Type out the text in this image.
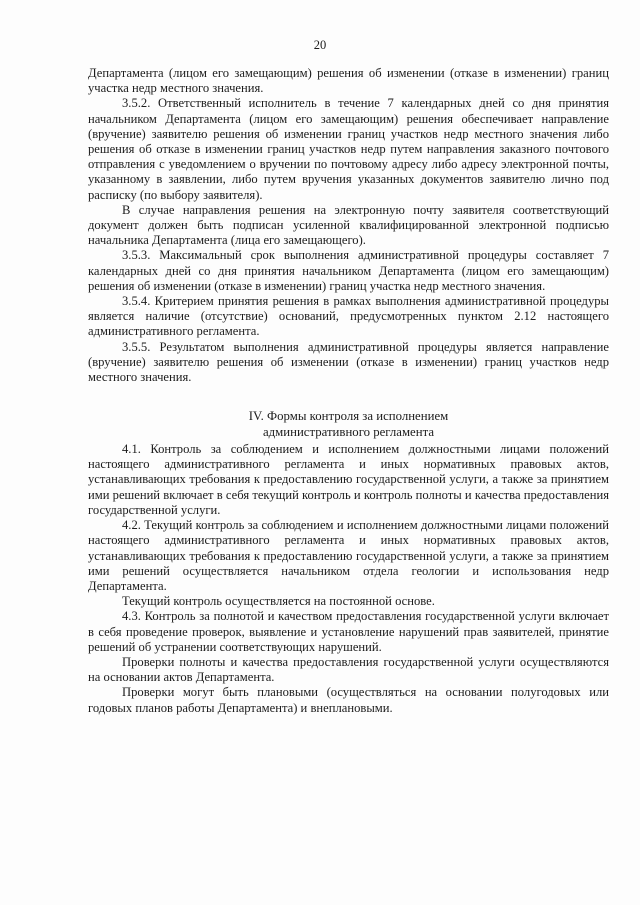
20

Департамента (лицом его замещающим) решения об изменении (отказе в изменении) границ участка недр местного значения.

3.5.2. Ответственный исполнитель в течение 7 календарных дней со дня принятия начальником Департамента (лицом его замещающим) решения обеспечивает направление (вручение) заявителю решения об изменении границ участков недр местного значения либо решения об отказе в изменении границ участков недр путем направления заказного почтового отправления с уведомлением о вручении по почтовому адресу либо адресу электронной почты, указанному в заявлении, либо путем вручения указанных документов заявителю лично под расписку (по выбору заявителя).

В случае направления решения на электронную почту заявителя соответствующий документ должен быть подписан усиленной квалифицированной электронной подписью начальника Департамента (лица его замещающего).

3.5.3. Максимальный срок выполнения административной процедуры составляет 7 календарных дней со дня принятия начальником Департамента (лицом его замещающим) решения об изменении (отказе в изменении) границ участка недр местного значения.

3.5.4. Критерием принятия решения в рамках выполнения административной процедуры является наличие (отсутствие) оснований, предусмотренных пунктом 2.12 настоящего административного регламента.

3.5.5. Результатом выполнения административной процедуры является направление (вручение) заявителю решения об изменении (отказе в изменении) границ участков недр местного значения.

IV. Формы контроля за исполнением
административного регламента

4.1. Контроль за соблюдением и исполнением должностными лицами положений настоящего административного регламента и иных нормативных правовых актов, устанавливающих требования к предоставлению государственной услуги, а также за принятием ими решений включает в себя текущий контроль и контроль полноты и качества предоставления государственной услуги.

4.2. Текущий контроль за соблюдением и исполнением должностными лицами положений настоящего административного регламента и иных нормативных правовых актов, устанавливающих требования к предоставлению государственной услуги, а также за принятием ими решений осуществляется начальником отдела геологии и использования недр Департамента.

Текущий контроль осуществляется на постоянной основе.

4.3. Контроль за полнотой и качеством предоставления государственной услуги включает в себя проведение проверок, выявление и установление нарушений прав заявителей, принятие решений об устранении соответствующих нарушений.

Проверки полноты и качества предоставления государственной услуги осуществляются на основании актов Департамента.

Проверки могут быть плановыми (осуществляться на основании полугодовых или годовых планов работы Департамента) и внеплановыми.
